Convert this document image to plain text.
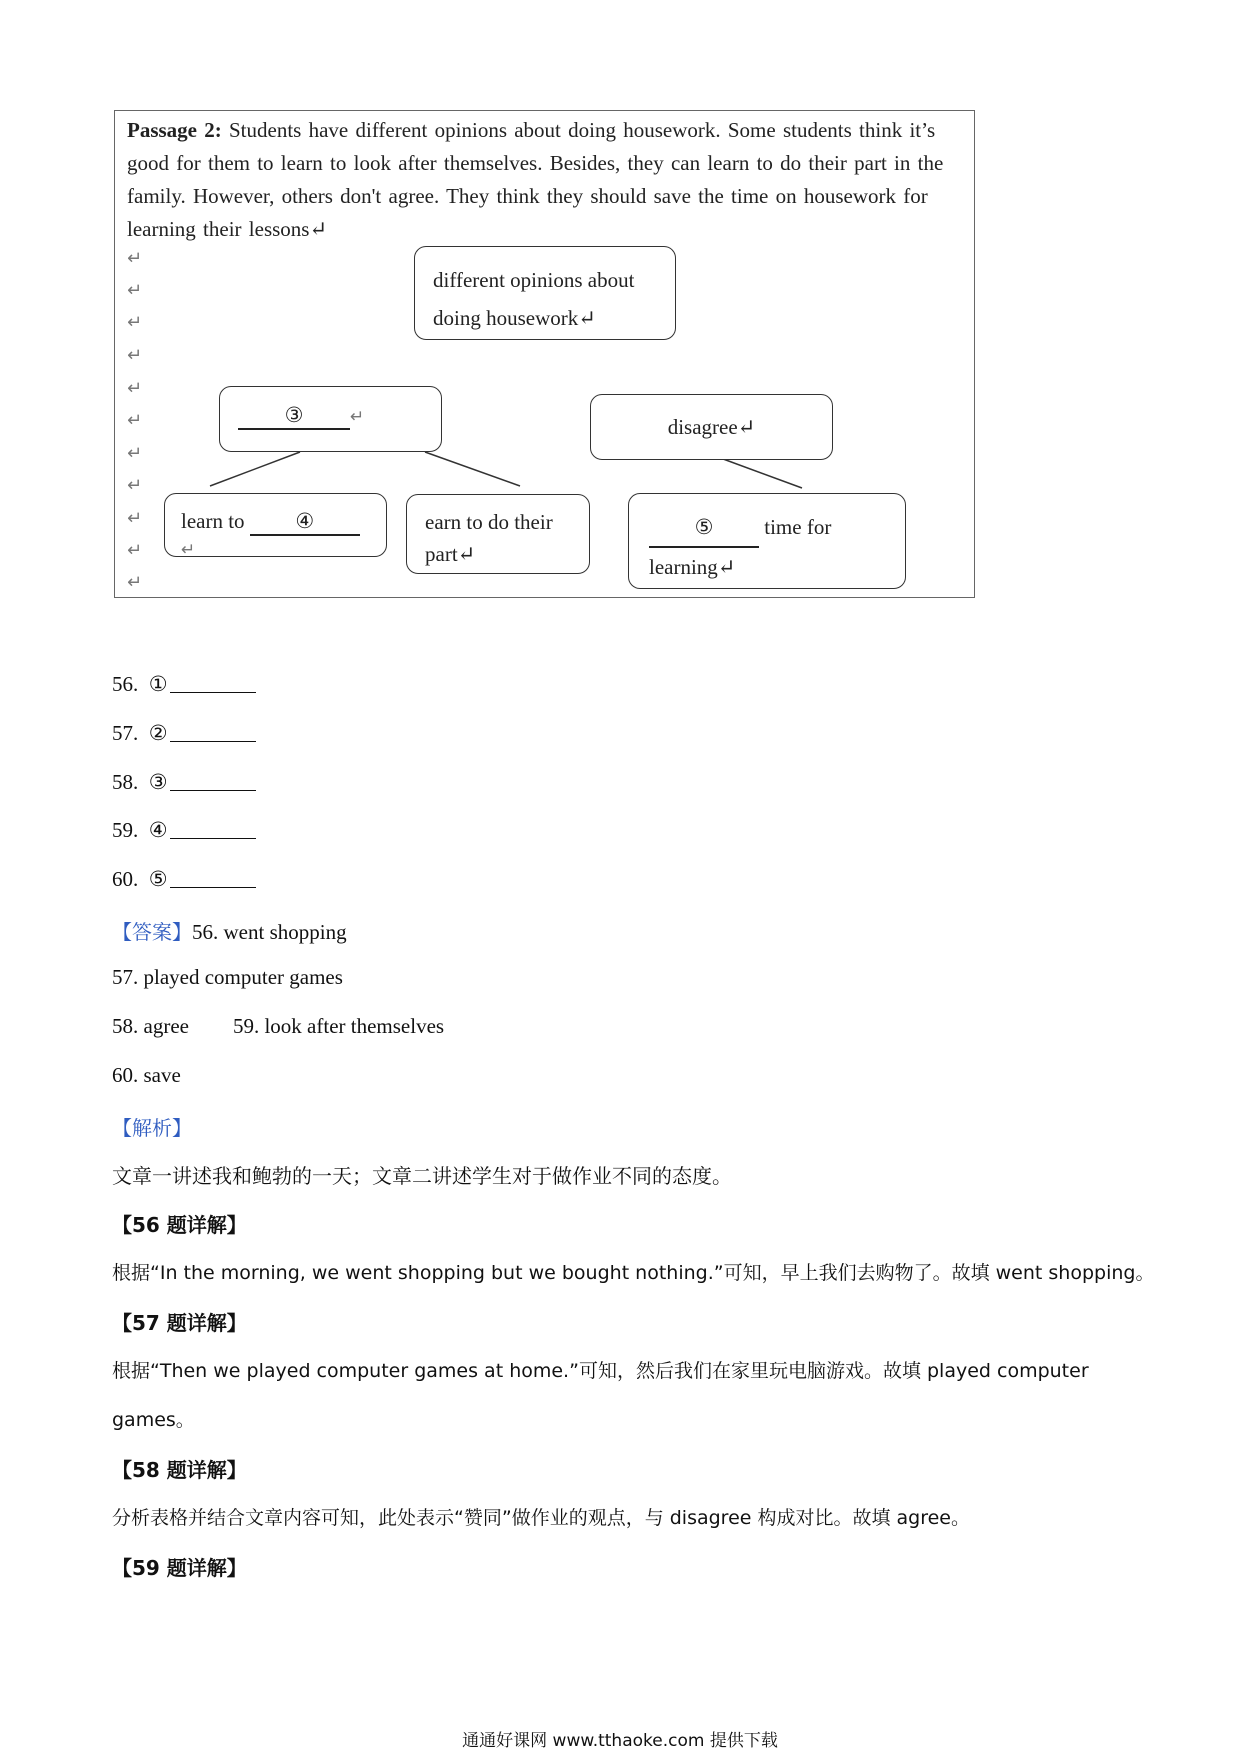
Passage 2: Students have different opinions about doing housework. Some students think it’s good for them to learn to look after themselves. Besides, they can learn to do their part in the family. However, others don't agree. They think they should save the time on housework for learning their lessons↵
↵
↵
↵
↵
↵
↵
↵
↵
↵
↵
↵
different opinions about doing housework↵
③	↵	disagree↵
learn to ④↵
earn to do their part↵
⑤ time for learning↵
56. ①
57. ②
58. ③
59. ④
60. ⑤
【答案】56. went shopping
57. played computer games
58. agree 59. look after themselves
60. save
【解析】
文章一讲述我和鲍勃的一天；文章二讲述学生对于做作业不同的态度。
【56 题详解】
根据“In the morning, we went shopping but we bought nothing.”可知，早上我们去购物了。故填 went shopping。
【57 题详解】
根据“Then we played computer games at home.”可知，然后我们在家里玩电脑游戏。故填 played computer
games。
【58 题详解】
分析表格并结合文章内容可知，此处表示“赞同”做作业的观点，与 disagree 构成对比。故填 agree。
【59 题详解】
通通好课网 www.tthaoke.com 提供下载
